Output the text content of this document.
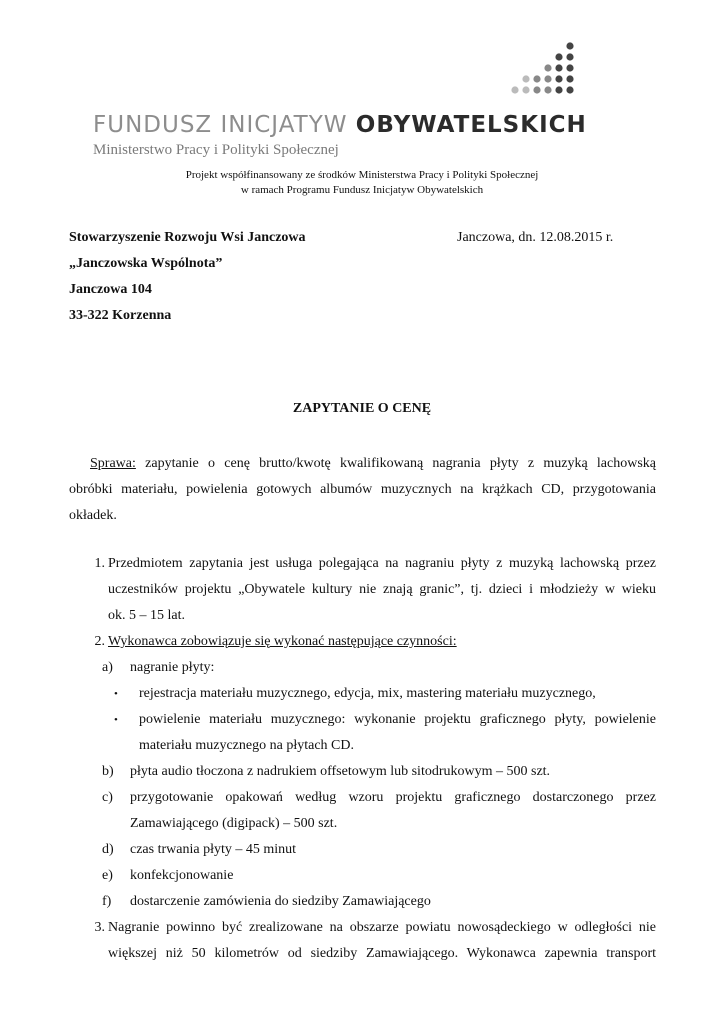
FUNDUSZ INICJATYW OBYWATELSKICH
Ministerstwo Pracy i Polityki Społecznej
Projekt współfinansowany ze środków Ministerstwa Pracy i Polityki Społecznej
w ramach Programu Fundusz Inicjatyw Obywatelskich
Stowarzyszenie Rozwoju Wsi Janczowa
„Janczowska Wspólnota”
Janczowa 104
33-322 Korzenna
Janczowa, dn. 12.08.2015 r.
ZAPYTANIE O CENĘ
Sprawa: zapytanie o cenę brutto/kwotę kwalifikowaną nagrania płyty z muzyką lachowską
obróbki materiału, powielenia gotowych albumów muzycznych na krążkach CD, przygotowania
okładek.
1. Przedmiotem zapytania jest usługa polegająca na nagraniu płyty z muzyką lachowską przez
uczestników projektu „Obywatele kultury nie znają granic”, tj. dzieci i młodzieży w wieku
ok. 5 – 15 lat.
2. Wykonawca zobowiązuje się wykonać następujące czynności:
a)	nagranie płyty:
• rejestracja materiału muzycznego, edycja, mix, mastering materiału muzycznego,
• powielenie materiału muzycznego: wykonanie projektu graficznego płyty, powielenie
materiału muzycznego na płytach CD.
b)	płyta audio tłoczona z nadrukiem offsetowym lub sitodrukowym – 500 szt.
c)	przygotowanie opakowań według wzoru projektu graficznego dostarczonego przez
Zamawiającego (digipack) – 500 szt.
d)	czas trwania płyty – 45 minut
e)	konfekcjonowanie
f)	dostarczenie zamówienia do siedziby Zamawiającego
3. Nagranie powinno być zrealizowane na obszarze powiatu nowosądeckiego w odległości nie
większej niż 50 kilometrów od siedziby Zamawiającego. Wykonawca zapewnia transport
